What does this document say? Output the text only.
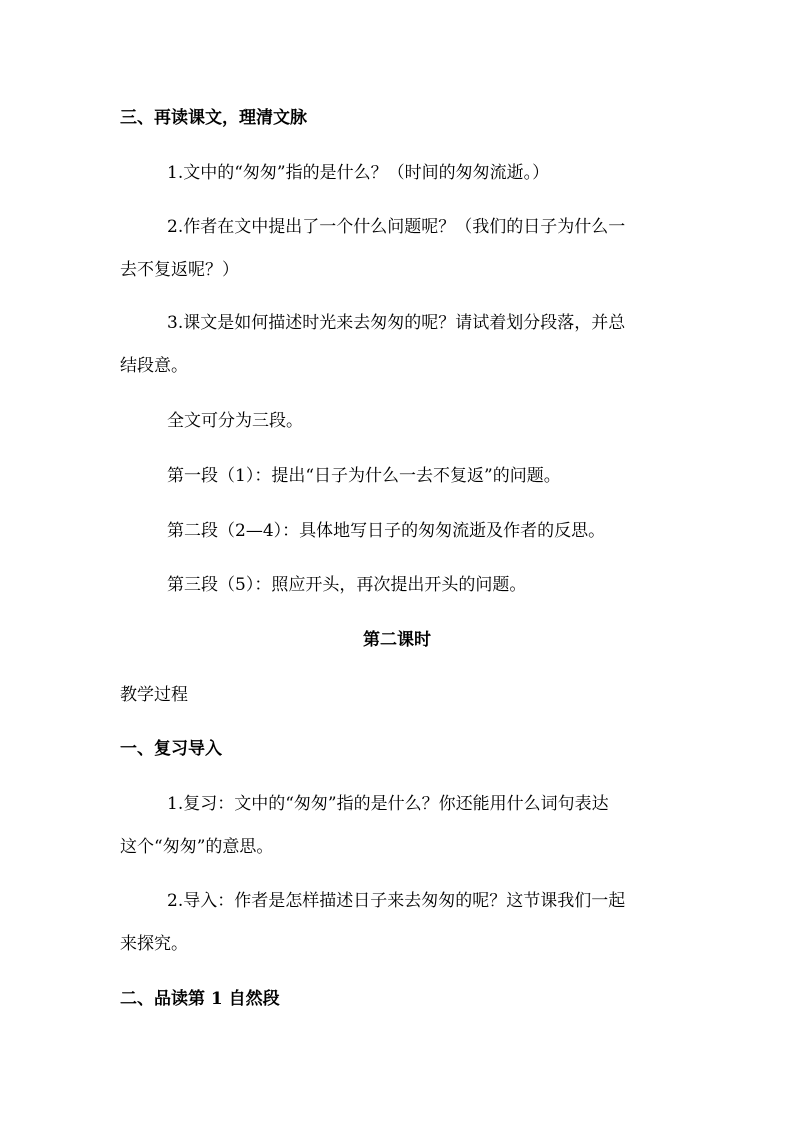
三、再读课文，理清文脉
1.文中的“匆匆”指的是什么？（时间的匆匆流逝。）
2.作者在文中提出了一个什么问题呢？（我们的日子为什么一
去不复返呢？）
3.课文是如何描述时光来去匆匆的呢？请试着划分段落，并总
结段意。
全文可分为三段。
第一段（1）：提出“日子为什么一去不复返”的问题。
第二段（2—4）：具体地写日子的匆匆流逝及作者的反思。
第三段（5）：照应开头，再次提出开头的问题。
第二课时
教学过程
一、复习导入
1.复习：文中的“匆匆”指的是什么？你还能用什么词句表达
这个“匆匆”的意思。
2.导入：作者是怎样描述日子来去匆匆的呢？这节课我们一起
来探究。
二、品读第 1 自然段
